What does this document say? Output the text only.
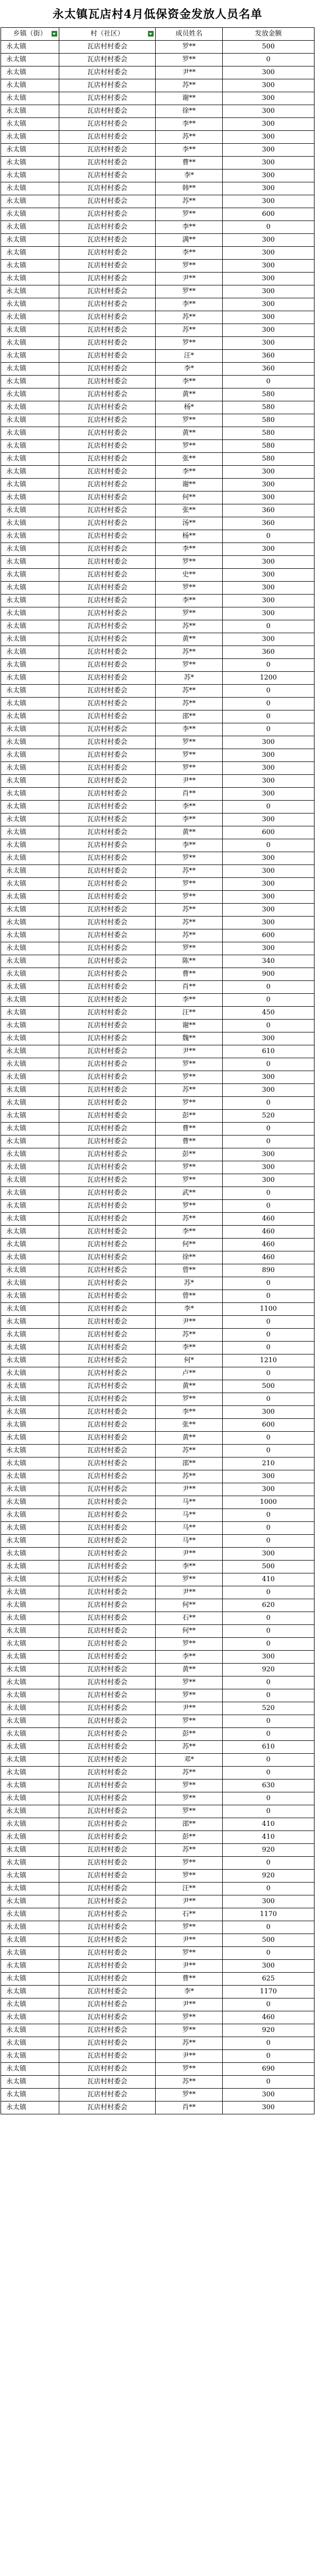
永太镇瓦店村4月低保资金发放人员名单
乡镇（街）	村（社区）	成员姓名	发放金额
永太镇	瓦店村村委会	罗**	500
永太镇	瓦店村村委会	罗**	0
永太镇	瓦店村村委会	尹**	300
永太镇	瓦店村村委会	苏**	300
永太镇	瓦店村村委会	谢**	300
永太镇	瓦店村村委会	徐**	300
永太镇	瓦店村村委会	李**	300
永太镇	瓦店村村委会	苏**	300
永太镇	瓦店村村委会	李**	300
永太镇	瓦店村村委会	曹**	300
永太镇	瓦店村村委会	李*	300
永太镇	瓦店村村委会	韩**	300
永太镇	瓦店村村委会	苏**	300
永太镇	瓦店村村委会	罗**	600
永太镇	瓦店村村委会	李**	0
永太镇	瓦店村村委会	满**	300
永太镇	瓦店村村委会	李**	300
永太镇	瓦店村村委会	罗**	300
永太镇	瓦店村村委会	尹**	300
永太镇	瓦店村村委会	罗**	300
永太镇	瓦店村村委会	李**	300
永太镇	瓦店村村委会	苏**	300
永太镇	瓦店村村委会	苏**	300
永太镇	瓦店村村委会	罗**	300
永太镇	瓦店村村委会	汪*	360
永太镇	瓦店村村委会	李*	360
永太镇	瓦店村村委会	李**	0
永太镇	瓦店村村委会	黄**	580
永太镇	瓦店村村委会	杨*	580
永太镇	瓦店村村委会	罗**	580
永太镇	瓦店村村委会	黄**	580
永太镇	瓦店村村委会	罗**	580
永太镇	瓦店村村委会	张**	580
永太镇	瓦店村村委会	李**	300
永太镇	瓦店村村委会	谢**	300
永太镇	瓦店村村委会	何**	300
永太镇	瓦店村村委会	张**	360
永太镇	瓦店村村委会	汤**	360
永太镇	瓦店村村委会	杨**	0
永太镇	瓦店村村委会	李**	300
永太镇	瓦店村村委会	罗**	300
永太镇	瓦店村村委会	史**	300
永太镇	瓦店村村委会	罗**	300
永太镇	瓦店村村委会	李**	300
永太镇	瓦店村村委会	罗**	300
永太镇	瓦店村村委会	苏**	0
永太镇	瓦店村村委会	黄**	300
永太镇	瓦店村村委会	苏**	360
永太镇	瓦店村村委会	罗**	0
永太镇	瓦店村村委会	苏*	1200
永太镇	瓦店村村委会	苏**	0
永太镇	瓦店村村委会	苏**	0
永太镇	瓦店村村委会	邵**	0
永太镇	瓦店村村委会	李**	0
永太镇	瓦店村村委会	罗**	300
永太镇	瓦店村村委会	罗**	300
永太镇	瓦店村村委会	罗**	300
永太镇	瓦店村村委会	尹**	300
永太镇	瓦店村村委会	肖**	300
永太镇	瓦店村村委会	李**	0
永太镇	瓦店村村委会	李**	300
永太镇	瓦店村村委会	黄**	600
永太镇	瓦店村村委会	李**	0
永太镇	瓦店村村委会	罗**	300
永太镇	瓦店村村委会	苏**	300
永太镇	瓦店村村委会	罗**	300
永太镇	瓦店村村委会	罗**	300
永太镇	瓦店村村委会	苏**	300
永太镇	瓦店村村委会	苏**	300
永太镇	瓦店村村委会	苏**	600
永太镇	瓦店村村委会	罗**	300
永太镇	瓦店村村委会	陈**	340
永太镇	瓦店村村委会	曹**	900
永太镇	瓦店村村委会	肖**	0
永太镇	瓦店村村委会	李**	0
永太镇	瓦店村村委会	汪**	450
永太镇	瓦店村村委会	谢**	0
永太镇	瓦店村村委会	魏**	300
永太镇	瓦店村村委会	尹**	610
永太镇	瓦店村村委会	罗**	0
永太镇	瓦店村村委会	罗**	300
永太镇	瓦店村村委会	苏**	300
永太镇	瓦店村村委会	罗**	0
永太镇	瓦店村村委会	彭**	520
永太镇	瓦店村村委会	曹**	0
永太镇	瓦店村村委会	曹**	0
永太镇	瓦店村村委会	彭**	300
永太镇	瓦店村村委会	罗**	300
永太镇	瓦店村村委会	罗**	300
永太镇	瓦店村村委会	武**	0
永太镇	瓦店村村委会	罗**	0
永太镇	瓦店村村委会	苏**	460
永太镇	瓦店村村委会	李**	460
永太镇	瓦店村村委会	何**	460
永太镇	瓦店村村委会	徐**	460
永太镇	瓦店村村委会	曾**	890
永太镇	瓦店村村委会	苏*	0
永太镇	瓦店村村委会	曾**	0
永太镇	瓦店村村委会	李*	1100
永太镇	瓦店村村委会	尹**	0
永太镇	瓦店村村委会	苏**	0
永太镇	瓦店村村委会	李**	0
永太镇	瓦店村村委会	何*	1210
永太镇	瓦店村村委会	卢**	0
永太镇	瓦店村村委会	黄**	500
永太镇	瓦店村村委会	罗**	0
永太镇	瓦店村村委会	李**	300
永太镇	瓦店村村委会	张**	600
永太镇	瓦店村村委会	黄**	0
永太镇	瓦店村村委会	苏**	0
永太镇	瓦店村村委会	邵**	210
永太镇	瓦店村村委会	苏**	300
永太镇	瓦店村村委会	尹**	300
永太镇	瓦店村村委会	马**	1000
永太镇	瓦店村村委会	马**	0
永太镇	瓦店村村委会	马**	0
永太镇	瓦店村村委会	马**	0
永太镇	瓦店村村委会	尹**	300
永太镇	瓦店村村委会	李**	500
永太镇	瓦店村村委会	罗**	410
永太镇	瓦店村村委会	尹**	0
永太镇	瓦店村村委会	何**	620
永太镇	瓦店村村委会	石**	0
永太镇	瓦店村村委会	何**	0
永太镇	瓦店村村委会	罗**	0
永太镇	瓦店村村委会	李**	300
永太镇	瓦店村村委会	黄**	920
永太镇	瓦店村村委会	罗**	0
永太镇	瓦店村村委会	罗**	0
永太镇	瓦店村村委会	尹**	520
永太镇	瓦店村村委会	罗**	0
永太镇	瓦店村村委会	彭**	0
永太镇	瓦店村村委会	苏**	610
永太镇	瓦店村村委会	邓*	0
永太镇	瓦店村村委会	苏**	0
永太镇	瓦店村村委会	罗**	630
永太镇	瓦店村村委会	罗**	0
永太镇	瓦店村村委会	罗**	0
永太镇	瓦店村村委会	邵**	410
永太镇	瓦店村村委会	彭**	410
永太镇	瓦店村村委会	苏**	920
永太镇	瓦店村村委会	罗**	0
永太镇	瓦店村村委会	罗**	920
永太镇	瓦店村村委会	汪**	0
永太镇	瓦店村村委会	尹**	300
永太镇	瓦店村村委会	石**	1170
永太镇	瓦店村村委会	罗**	0
永太镇	瓦店村村委会	尹**	500
永太镇	瓦店村村委会	罗**	0
永太镇	瓦店村村委会	尹**	300
永太镇	瓦店村村委会	曹**	625
永太镇	瓦店村村委会	李*	1170
永太镇	瓦店村村委会	尹**	0
永太镇	瓦店村村委会	罗**	460
永太镇	瓦店村村委会	罗**	920
永太镇	瓦店村村委会	苏**	0
永太镇	瓦店村村委会	尹**	0
永太镇	瓦店村村委会	罗**	690
永太镇	瓦店村村委会	苏**	0
永太镇	瓦店村村委会	罗**	300
永太镇	瓦店村村委会	肖**	300
